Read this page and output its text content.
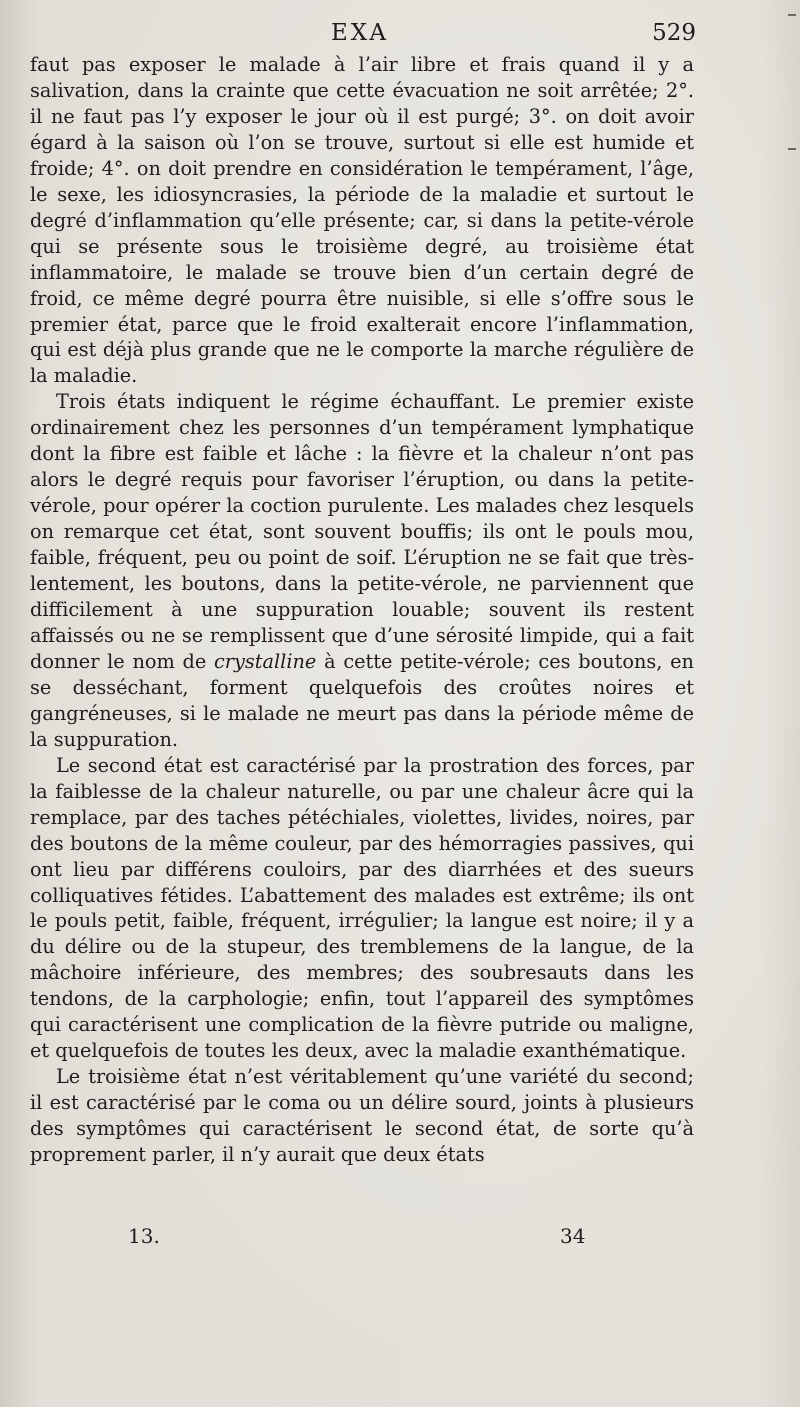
EXA	529

faut pas exposer le malade à l’air libre et frais quand il y a salivation, dans la crainte que cette évacuation ne soit arrêtée; 2°. il ne faut pas l’y exposer le jour où il est purgé; 3°. on doit avoir égard à la saison où l’on se trouve, surtout si elle est humide et froide; 4°. on doit prendre en considération le tempérament, l’âge, le sexe, les idiosyncrasies, la période de la maladie et surtout le degré d’inflammation qu’elle présente; car, si dans la petite-vérole qui se présente sous le troisième degré, au troisième état inflammatoire, le malade se trouve bien d’un certain degré de froid, ce même degré pourra être nuisible, si elle s’offre sous le premier état, parce que le froid exalterait encore l’inflammation, qui est déjà plus grande que ne le comporte la marche régulière de la maladie.

Trois états indiquent le régime échauffant. Le premier existe ordinairement chez les personnes d’un tempérament lymphatique dont la fibre est faible et lâche : la fièvre et la chaleur n’ont pas alors le degré requis pour favoriser l’éruption, ou dans la petite-vérole, pour opérer la coction purulente. Les malades chez lesquels on remarque cet état, sont souvent bouffis; ils ont le pouls mou, faible, fréquent, peu ou point de soif. L’éruption ne se fait que très-lentement, les boutons, dans la petite-vérole, ne parviennent que difficilement à une suppuration louable; souvent ils restent affaissés ou ne se remplissent que d’une sérosité limpide, qui a fait donner le nom de crystalline à cette petite-vérole; ces boutons, en se desséchant, forment quelquefois des croûtes noires et gangréneuses, si le malade ne meurt pas dans la période même de la suppuration.

Le second état est caractérisé par la prostration des forces, par la faiblesse de la chaleur naturelle, ou par une chaleur âcre qui la remplace, par des taches pétéchiales, violettes, livides, noires, par des boutons de la même couleur, par des hémorragies passives, qui ont lieu par différens couloirs, par des diarrhées et des sueurs colliquatives fétides. L’abattement des malades est extrême; ils ont le pouls petit, faible, fréquent, irrégulier; la langue est noire; il y a du délire ou de la stupeur, des tremblemens de la langue, de la mâchoire inférieure, des membres; des soubresauts dans les tendons, de la carphologie; enfin, tout l’appareil des symptômes qui caractérisent une complication de la fièvre putride ou maligne, et quelquefois de toutes les deux, avec la maladie exanthématique.

Le troisième état n’est véritablement qu’une variété du second; il est caractérisé par le coma ou un délire sourd, joints à plusieurs des symptômes qui caractérisent le second état, de sorte qu’à proprement parler, il n’y aurait que deux états

13.	34
